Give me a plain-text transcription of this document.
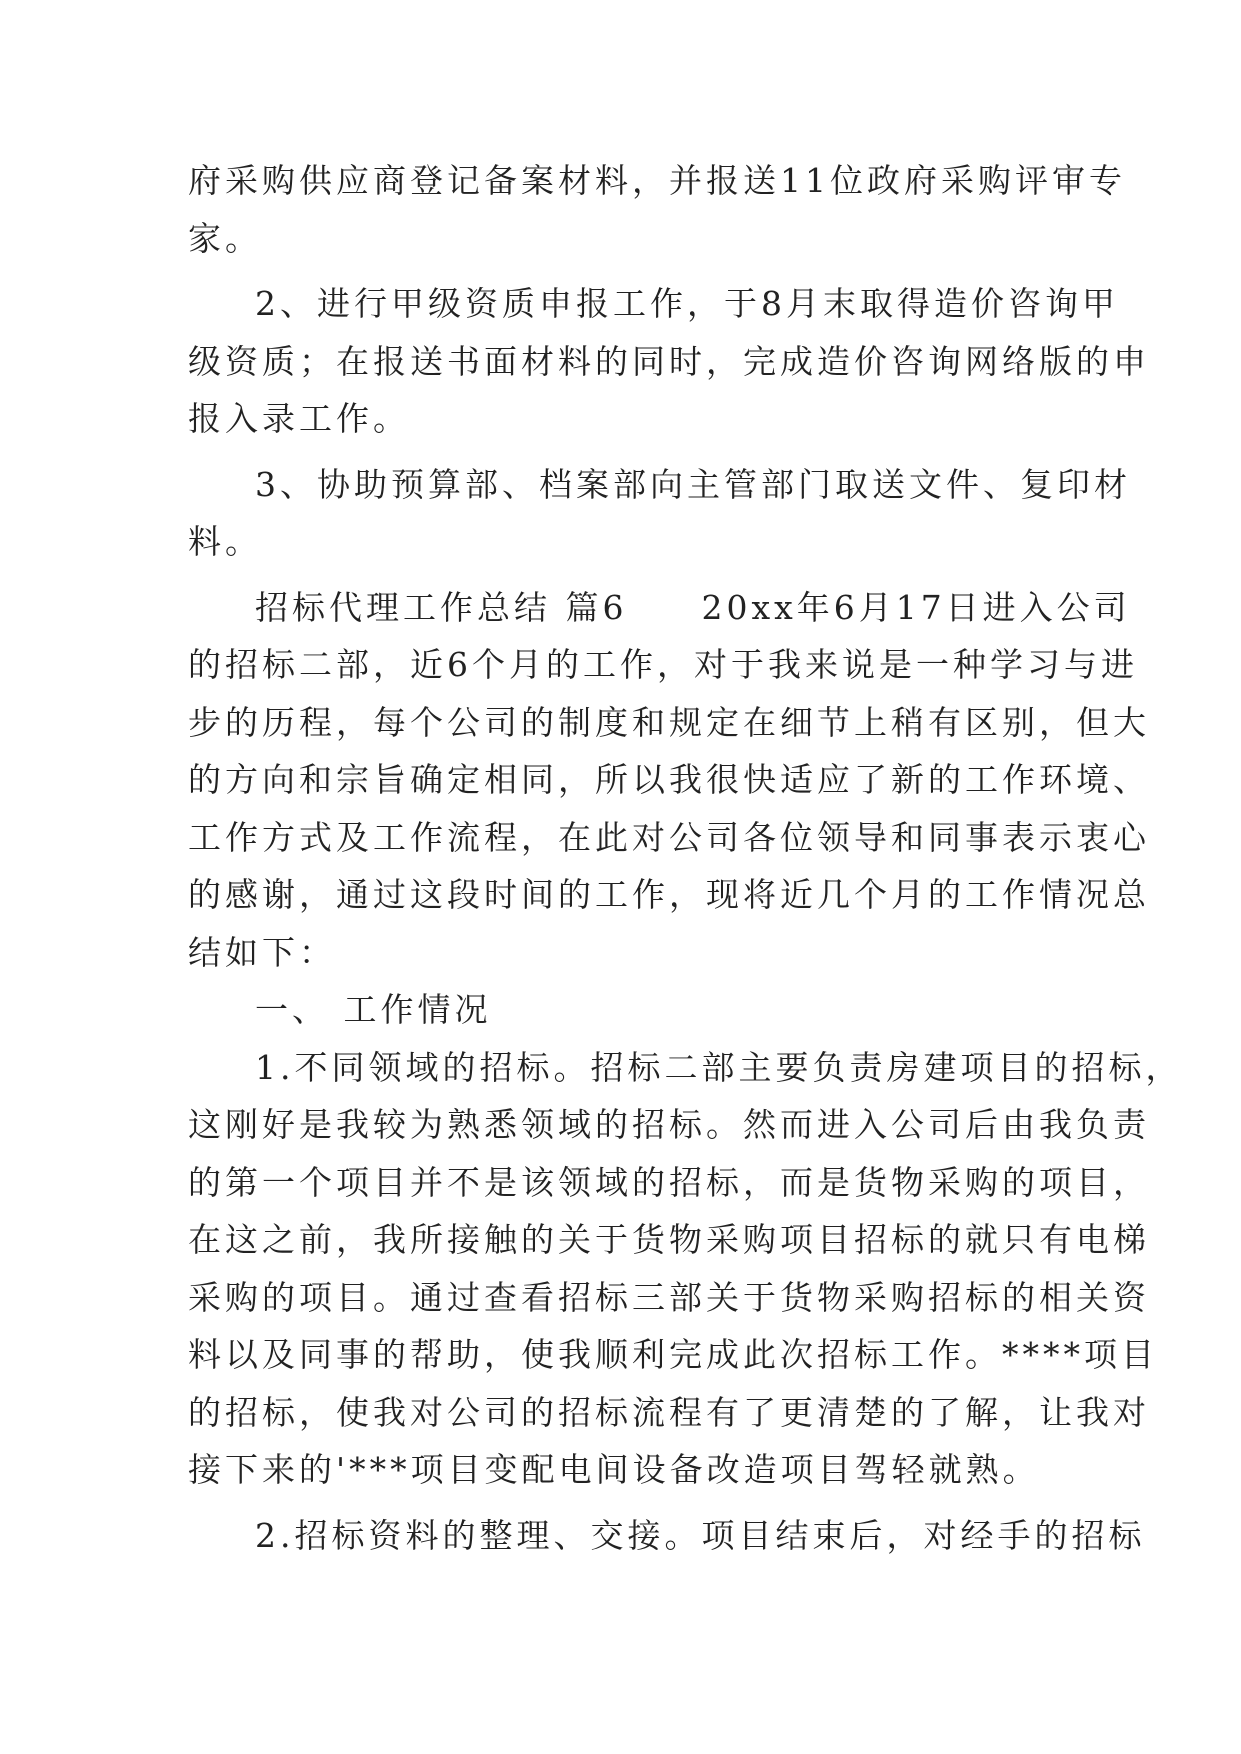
府采购供应商登记备案材料，并报送11位政府采购评审专
家。
2、进行甲级资质申报工作，于8月末取得造价咨询甲
级资质；在报送书面材料的同时，完成造价咨询网络版的申
报入录工作。
3、协助预算部、档案部向主管部门取送文件、复印材
料。
招标代理工作总结 篇6　　20xx年6月17日进入公司
的招标二部，近6个月的工作，对于我来说是一种学习与进
步的历程，每个公司的制度和规定在细节上稍有区别，但大
的方向和宗旨确定相同，所以我很快适应了新的工作环境、
工作方式及工作流程，在此对公司各位领导和同事表示衷心
的感谢，通过这段时间的工作，现将近几个月的工作情况总
结如下：
一、 工作情况
1.不同领域的招标。招标二部主要负责房建项目的招标，
这刚好是我较为熟悉领域的招标。然而进入公司后由我负责
的第一个项目并不是该领域的招标，而是货物采购的项目，
在这之前，我所接触的关于货物采购项目招标的就只有电梯
采购的项目。通过查看招标三部关于货物采购招标的相关资
料以及同事的帮助，使我顺利完成此次招标工作。****项目
的招标，使我对公司的招标流程有了更清楚的了解，让我对
接下来的'***项目变配电间设备改造项目驾轻就熟。
2.招标资料的整理、交接。项目结束后，对经手的招标
